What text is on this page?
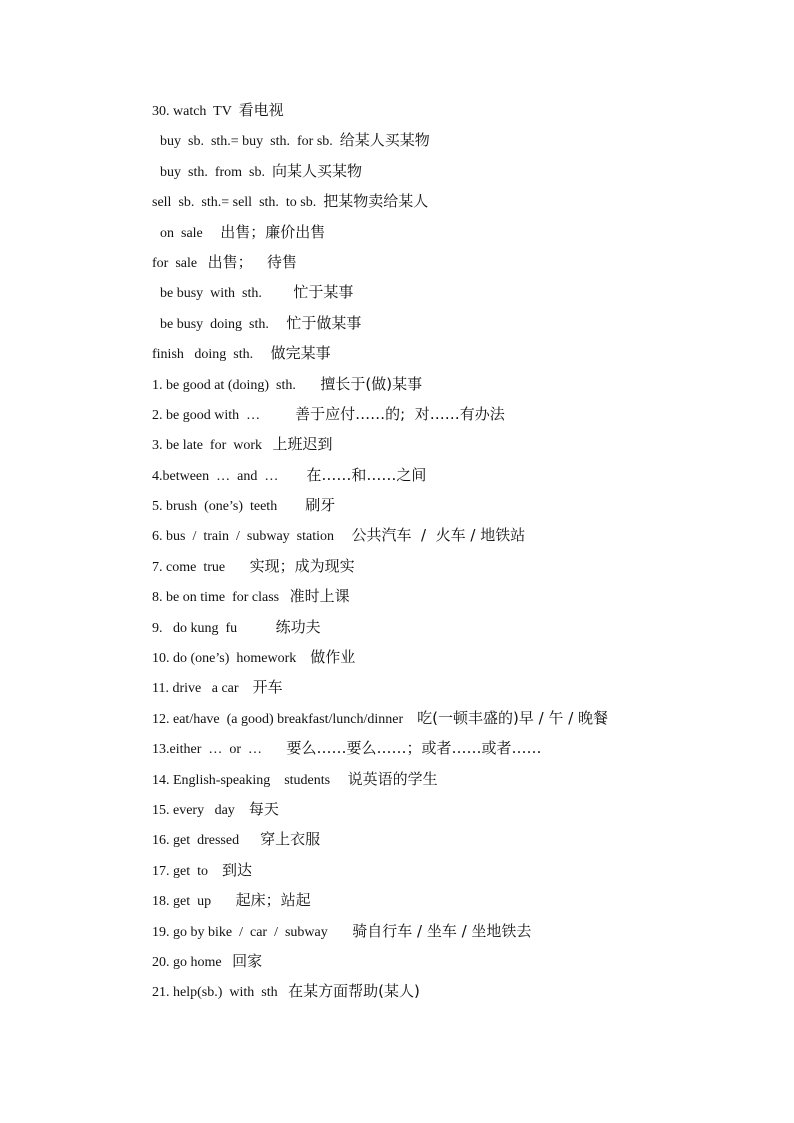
30. watch  TV  看电视
buy  sb.  sth.= buy  sth.  for sb.  给某人买某物
buy  sth.  from  sb.  向某人买某物
sell  sb.  sth.= sell  sth.  to sb.  把某物卖给某人
on  sale     出售；廉价出售
for  sale   出售；   待售
be busy  with  sth.         忙于某事
be busy  doing  sth.     忙于做某事
finish   doing  sth.     做完某事
1. be good at (doing)  sth.       擅长于(做)某事
2. be good with  …          善于应付……的;  对……有办法
3. be late  for  work   上班迟到
4.between  …  and  …        在……和……之间
5. brush  (one’s)  teeth        刷牙
6. bus  /  train  /  subway  station     公共汽车  /  火车 / 地铁站
7. come  true       实现；成为现实
8. be on time  for class   准时上课
9.   do kung  fu           练功夫
10. do (one’s)  homework    做作业
11. drive   a car    开车
12. eat/have  (a good) breakfast/lunch/dinner    吃(一顿丰盛的)早 / 午 / 晚餐
13.either  …  or  …       要么……要么……；或者……或者……
14. English-speaking    students     说英语的学生
15. every   day    每天
16. get  dressed      穿上衣服
17. get  to    到达
18. get  up       起床；站起
19. go by bike  /  car  /  subway       骑自行车 / 坐车 / 坐地铁去
20. go home   回家
21. help(sb.)  with  sth   在某方面帮助(某人)
